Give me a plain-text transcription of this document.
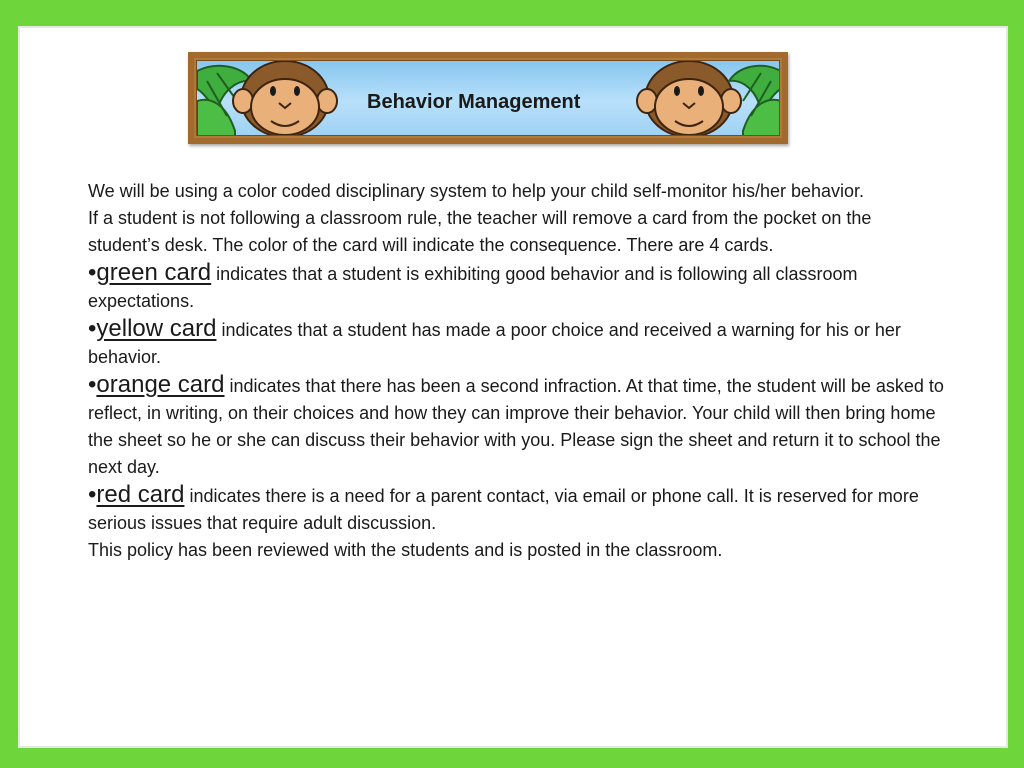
Behavior Management

We will be using a color coded disciplinary system to help your child self-monitor his/her behavior.

If a student is not following a classroom rule, the teacher will remove a card from the pocket on the student’s desk. The color of the card will indicate the consequence. There are 4 cards.

•green card indicates that a student is exhibiting good behavior and is following all classroom expectations.

•yellow card indicates that a student has made a poor choice and received a warning for his or her behavior.

•orange card indicates that there has been a second infraction. At that time, the student will be asked to reflect, in writing, on their choices and how they can improve their behavior. Your child will then bring home the sheet so he or she can discuss their behavior with you. Please sign the sheet and return it to school the next day.

•red card indicates there is a need for a parent contact, via email or phone call. It is reserved for more serious issues that require adult discussion.

This policy has been reviewed with the students and is posted in the classroom.
